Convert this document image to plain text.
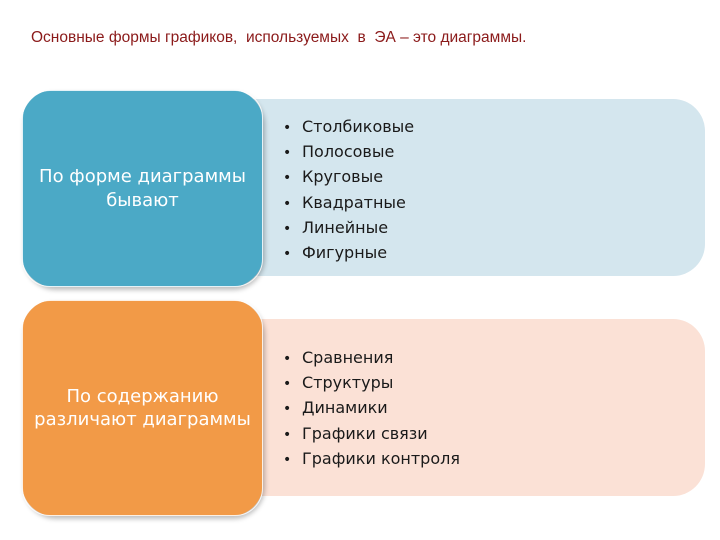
Основные формы графиков,  используемых  в  ЭА – это диаграммы.
По форме диаграммы бывают
• Столбиковые
• Полосовые
• Круговые
• Квадратные
• Линейные
• Фигурные
По содержанию различают диаграммы
• Сравнения
• Структуры
• Динамики
• Графики связи
• Графики контроля
